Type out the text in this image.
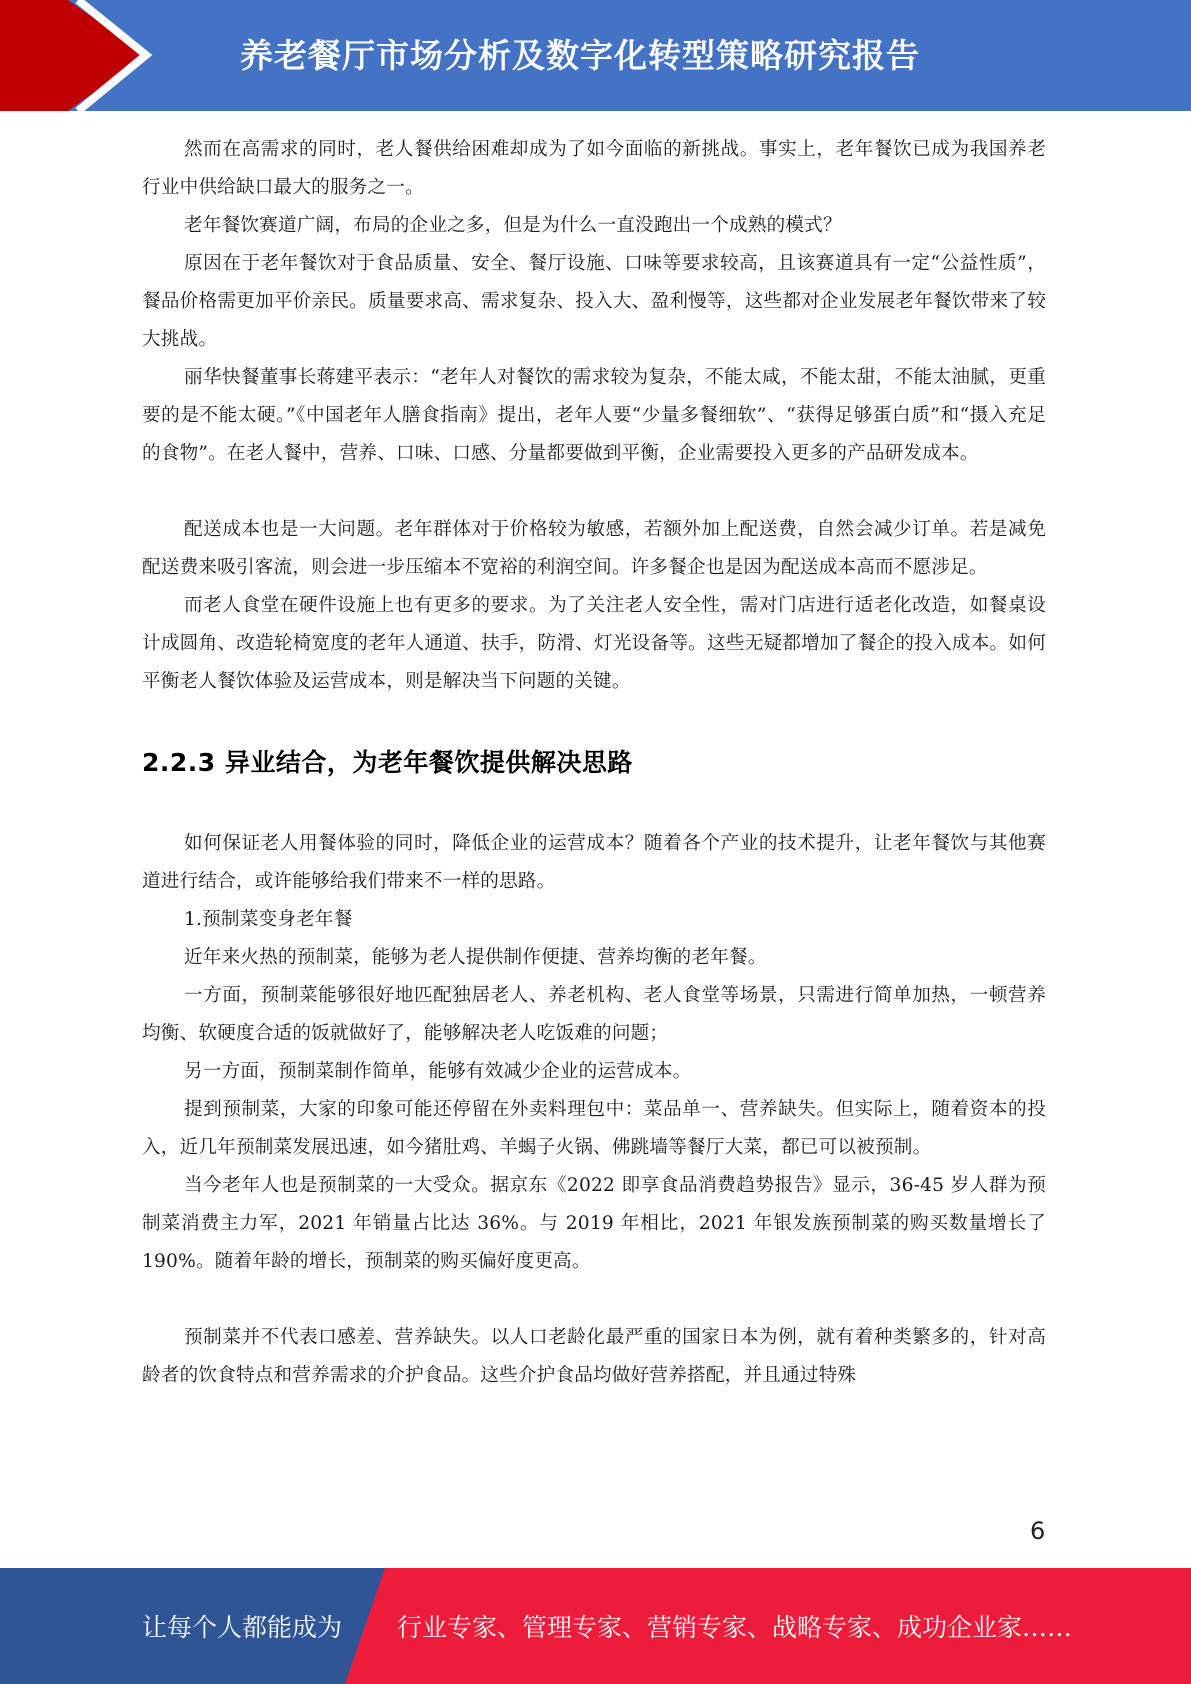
养老餐厅市场分析及数字化转型策略研究报告

然而在高需求的同时，老人餐供给困难却成为了如今面临的新挑战。事实上，老年餐饮已成为我国养老行业中供给缺口最大的服务之一。

老年餐饮赛道广阔，布局的企业之多，但是为什么一直没跑出一个成熟的模式？

原因在于老年餐饮对于食品质量、安全、餐厅设施、口味等要求较高，且该赛道具有一定“公益性质”，餐品价格需更加平价亲民。质量要求高、需求复杂、投入大、盈利慢等，这些都对企业发展老年餐饮带来了较大挑战。

丽华快餐董事长蒋建平表示：“老年人对餐饮的需求较为复杂，不能太咸，不能太甜，不能太油腻，更重要的是不能太硬。”《中国老年人膳食指南》提出，老年人要“少量多餐细软”、“获得足够蛋白质”和“摄入充足的食物”。在老人餐中，营养、口味、口感、分量都要做到平衡，企业需要投入更多的产品研发成本。

配送成本也是一大问题。老年群体对于价格较为敏感，若额外加上配送费，自然会减少订单。若是减免配送费来吸引客流，则会进一步压缩本不宽裕的利润空间。许多餐企也是因为配送成本高而不愿涉足。

而老人食堂在硬件设施上也有更多的要求。为了关注老人安全性，需对门店进行适老化改造，如餐桌设计成圆角、改造轮椅宽度的老年人通道、扶手，防滑、灯光设备等。这些无疑都增加了餐企的投入成本。如何平衡老人餐饮体验及运营成本，则是解决当下问题的关键。

2.2.3 异业结合，为老年餐饮提供解决思路

如何保证老人用餐体验的同时，降低企业的运营成本？随着各个产业的技术提升，让老年餐饮与其他赛道进行结合，或许能够给我们带来不一样的思路。

1.预制菜变身老年餐

近年来火热的预制菜，能够为老人提供制作便捷、营养均衡的老年餐。

一方面，预制菜能够很好地匹配独居老人、养老机构、老人食堂等场景，只需进行简单加热，一顿营养均衡、软硬度合适的饭就做好了，能够解决老人吃饭难的问题；

另一方面，预制菜制作简单，能够有效减少企业的运营成本。

提到预制菜，大家的印象可能还停留在外卖料理包中：菜品单一、营养缺失。但实际上，随着资本的投入，近几年预制菜发展迅速，如今猪肚鸡、羊蝎子火锅、佛跳墙等餐厅大菜，都已可以被预制。

当今老年人也是预制菜的一大受众。据京东《2022 即享食品消费趋势报告》显示，36-45 岁人群为预制菜消费主力军，2021 年销量占比达 36%。与 2019 年相比，2021 年银发族预制菜的购买数量增长了 190%。随着年龄的增长，预制菜的购买偏好度更高。

预制菜并不代表口感差、营养缺失。以人口老龄化最严重的国家日本为例，就有着种类繁多的，针对高龄者的饮食特点和营养需求的介护食品。这些介护食品均做好营养搭配，并且通过特殊

6
让每个人都能成为 行业专家、管理专家、营销专家、战略专家、成功企业家……
